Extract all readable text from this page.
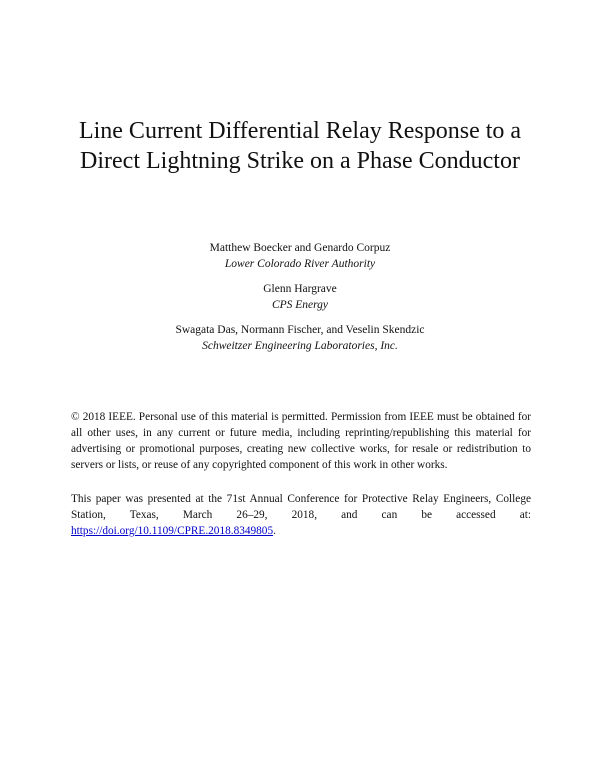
Line Current Differential Relay Response to a
Direct Lightning Strike on a Phase Conductor
Matthew Boecker and Genardo Corpuz
Lower Colorado River Authority
Glenn Hargrave
CPS Energy
Swagata Das, Normann Fischer, and Veselin Skendzic
Schweitzer Engineering Laboratories, Inc.

© 2018 IEEE. Personal use of this material is permitted. Permission from IEEE must be obtained for all other uses, in any current or future media, including reprinting/republishing this material for advertising or promotional purposes, creating new collective works, for resale or redistribution to servers or lists, or reuse of any copyrighted component of this work in other works.

This paper was presented at the 71st Annual Conference for Protective Relay Engineers, College Station, Texas, March 26–29, 2018, and can be accessed at: https://doi.org/10.1109/CPRE.2018.8349805.
